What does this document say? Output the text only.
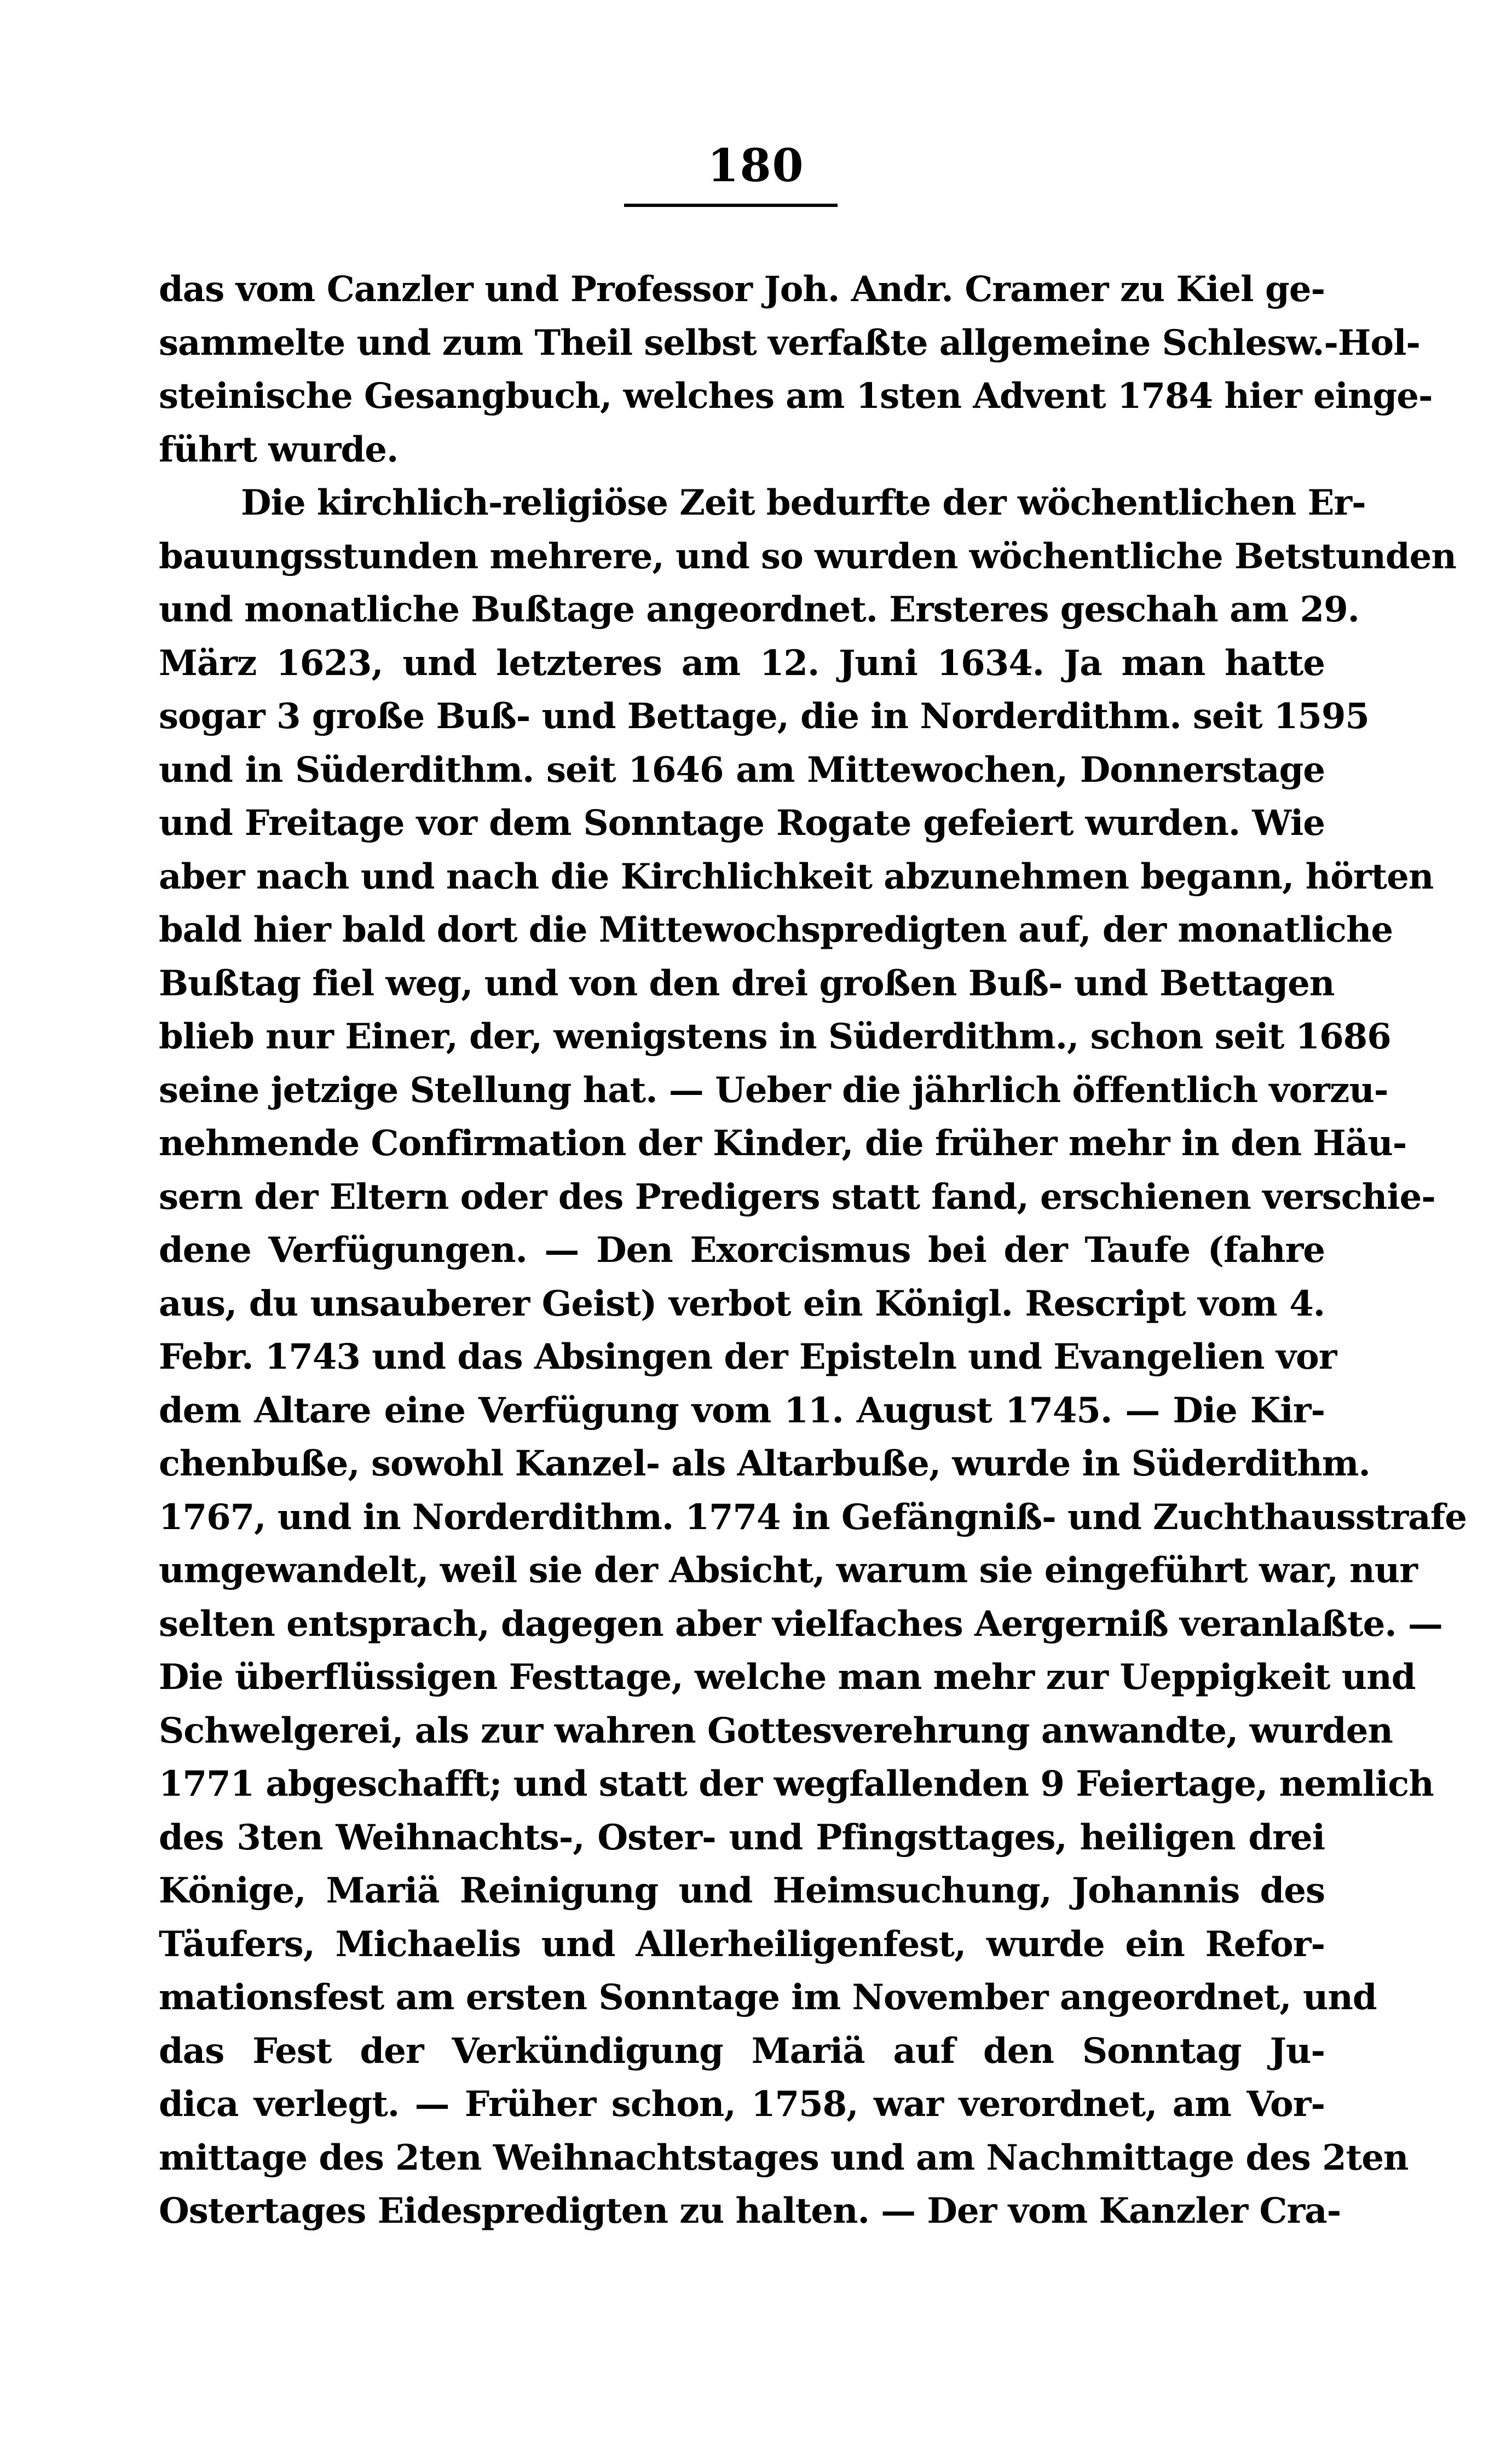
180
das vom Canzler und Professor Joh. Andr. Cramer zu Kiel ge-
sammelte und zum Theil selbst verfaßte allgemeine Schlesw.-Hol-
steinische Gesangbuch, welches am 1sten Advent 1784 hier einge-
führt wurde.
Die kirchlich-religiöse Zeit bedurfte der wöchentlichen Er-
bauungsstunden mehrere, und so wurden wöchentliche Betstunden
und monatliche Bußtage angeordnet. Ersteres geschah am 29.
März 1623, und letzteres am 12. Juni 1634. Ja man hatte
sogar 3 große Buß- und Bettage, die in Norderdithm. seit 1595
und in Süderdithm. seit 1646 am Mittewochen, Donnerstage
und Freitage vor dem Sonntage Rogate gefeiert wurden. Wie
aber nach und nach die Kirchlichkeit abzunehmen begann, hörten
bald hier bald dort die Mittewochspredigten auf, der monatliche
Bußtag fiel weg, und von den drei großen Buß- und Bettagen
blieb nur Einer, der, wenigstens in Süderdithm., schon seit 1686
seine jetzige Stellung hat. — Ueber die jährlich öffentlich vorzu-
nehmende Confirmation der Kinder, die früher mehr in den Häu-
sern der Eltern oder des Predigers statt fand, erschienen verschie-
dene Verfügungen. — Den Exorcismus bei der Taufe (fahre
aus, du unsauberer Geist) verbot ein Königl. Rescript vom 4.
Febr. 1743 und das Absingen der Episteln und Evangelien vor
dem Altare eine Verfügung vom 11. August 1745. — Die Kir-
chenbuße, sowohl Kanzel- als Altarbuße, wurde in Süderdithm.
1767, und in Norderdithm. 1774 in Gefängniß- und Zuchthausstrafe
umgewandelt, weil sie der Absicht, warum sie eingeführt war, nur
selten entsprach, dagegen aber vielfaches Aergerniß veranlaßte. —
Die überflüssigen Festtage, welche man mehr zur Ueppigkeit und
Schwelgerei, als zur wahren Gottesverehrung anwandte, wurden
1771 abgeschafft; und statt der wegfallenden 9 Feiertage, nemlich
des 3ten Weihnachts-, Oster- und Pfingsttages, heiligen drei
Könige, Mariä Reinigung und Heimsuchung, Johannis des
Täufers, Michaelis und Allerheiligenfest, wurde ein Refor-
mationsfest am ersten Sonntage im November angeordnet, und
das Fest der Verkündigung Mariä auf den Sonntag Ju-
dica verlegt. — Früher schon, 1758, war verordnet, am Vor-
mittage des 2ten Weihnachtstages und am Nachmittage des 2ten
Ostertages Eidespredigten zu halten. — Der vom Kanzler Cra-
